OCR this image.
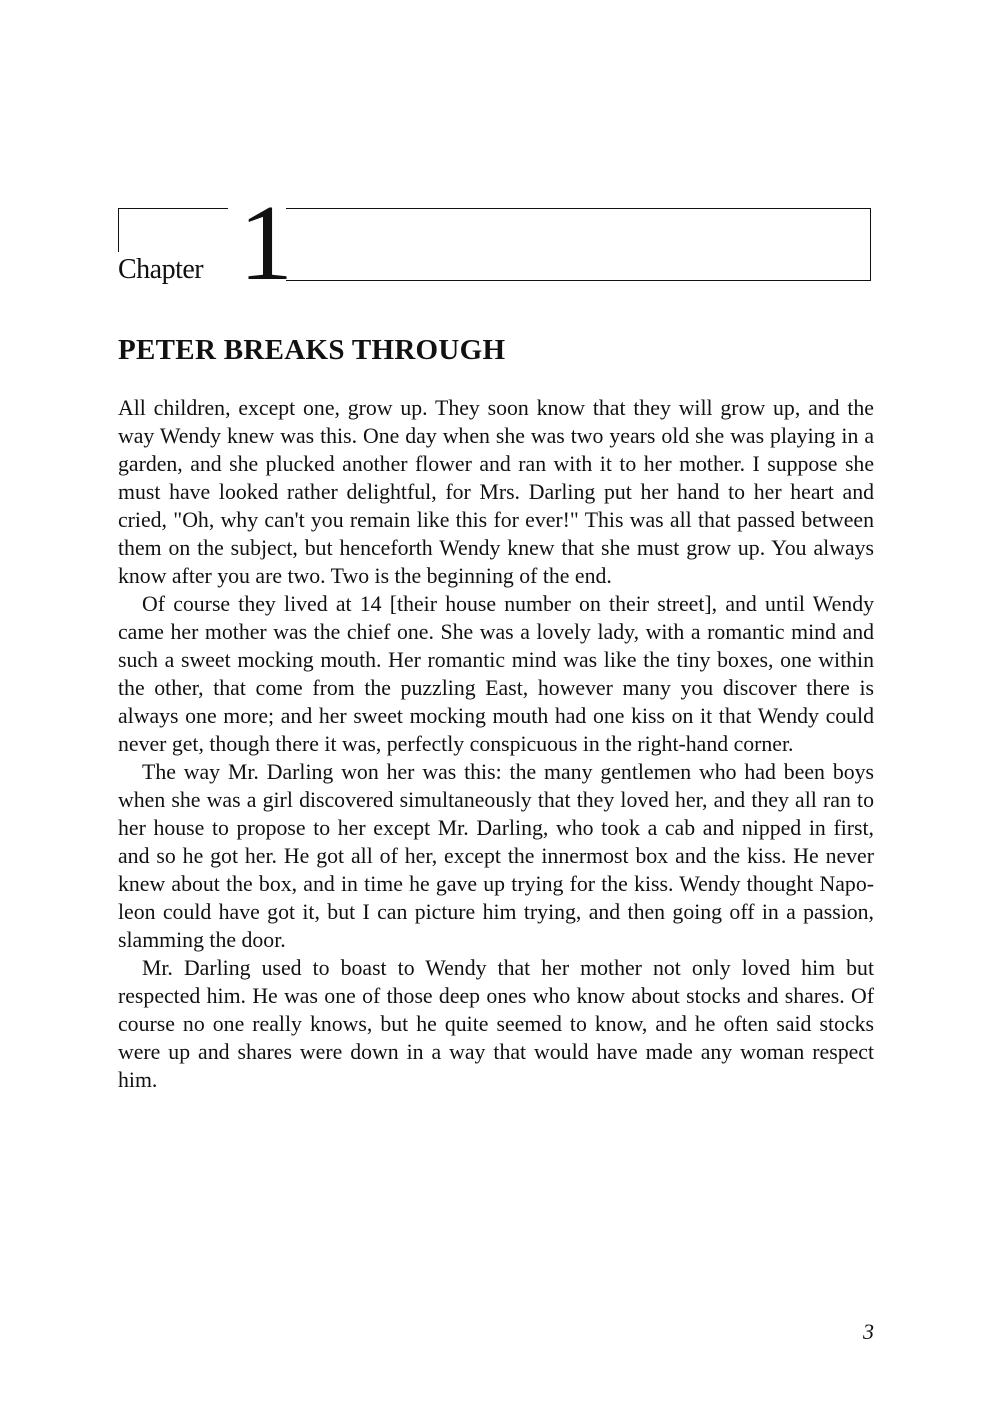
Chapter 1
PETER BREAKS THROUGH

All children, except one, grow up. They soon know that they will grow up, and the way Wendy knew was this. One day when she was two years old she was playing in a garden, and she plucked another flower and ran with it to her mother. I suppose she must have looked rather delightful, for Mrs. Darling put her hand to her heart and cried, "Oh, why can't you remain like this for ever!" This was all that passed between them on the subject, but henceforth Wendy knew that she must grow up. You always know after you are two. Two is the beginning of the end.

Of course they lived at 14 [their house number on their street], and until Wendy came her mother was the chief one. She was a lovely lady, with a romantic mind and such a sweet mocking mouth. Her romantic mind was like the tiny boxes, one within the other, that come from the puzzling East, however many you discover there is always one more; and her sweet mocking mouth had one kiss on it that Wendy could never get, though there it was, perfectly conspicuous in the right-hand corner.

The way Mr. Darling won her was this: the many gentlemen who had been boys when she was a girl discovered simultaneously that they loved her, and they all ran to her house to propose to her except Mr. Darling, who took a cab and nipped in first, and so he got her. He got all of her, except the innermost box and the kiss. He never knew about the box, and in time he gave up trying for the kiss. Wendy thought Napoleon could have got it, but I can picture him trying, and then going off in a passion, slamming the door.

Mr. Darling used to boast to Wendy that her mother not only loved him but respected him. He was one of those deep ones who know about stocks and shares. Of course no one really knows, but he quite seemed to know, and he often said stocks were up and shares were down in a way that would have made any woman respect him.

3
